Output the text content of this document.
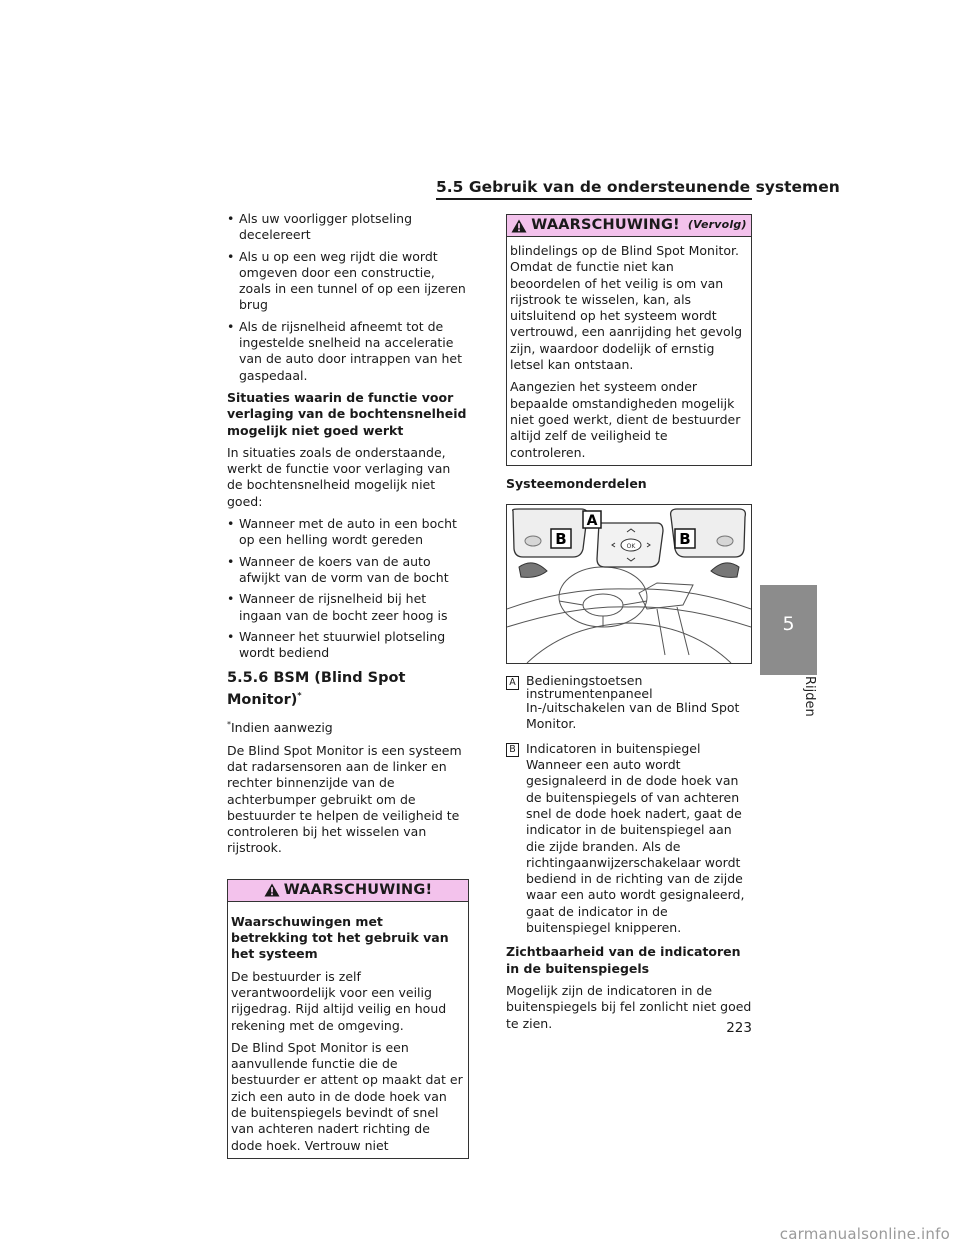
5.5 Gebruik van de ondersteunende systemen
5
Rijden
• Als uw voorligger plotseling decelereert
• Als u op een weg rijdt die wordt omgeven door een constructie, zoals in een tunnel of op een ijzeren brug
• Als de rijsnelheid afneemt tot de ingestelde snelheid na acceleratie van de auto door intrappen van het gaspedaal.

Situaties waarin de functie voor verlaging van de bochtensnelheid mogelijk niet goed werkt

In situaties zoals de onderstaande, werkt de functie voor verlaging van de bochtensnelheid mogelijk niet goed:

• Wanneer met de auto in een bocht op een helling wordt gereden
• Wanneer de koers van de auto afwijkt van de vorm van de bocht
• Wanneer de rijsnelheid bij het ingaan van de bocht zeer hoog is
• Wanneer het stuurwiel plotseling wordt bediend
5.5.6 BSM (Blind Spot Monitor)*

*Indien aanwezig

De Blind Spot Monitor is een systeem dat radarsensoren aan de linker en rechter binnenzijde van de achterbumper gebruikt om de bestuurder te helpen de veiligheid te controleren bij het wisselen van rijstrook.

WAARSCHUWING!

Waarschuwingen met betrekking tot het gebruik van het systeem

De bestuurder is zelf verantwoordelijk voor een veilig rijgedrag. Rijd altijd veilig en houd rekening met de omgeving.

De Blind Spot Monitor is een aanvullende functie die de bestuurder er attent op maakt dat er zich een auto in de dode hoek van de buitenspiegels bevindt of snel van achteren nadert richting de dode hoek. Vertrouw niet

WAARSCHUWING! (Vervolg)

blindelings op de Blind Spot Monitor. Omdat de functie niet kan beoordelen of het veilig is om van rijstrook te wisselen, kan, als uitsluitend op het systeem wordt vertrouwd, een aanrijding het gevolg zijn, waardoor dodelijk of ernstig letsel kan ontstaan.

Aangezien het systeem onder bepaalde omstandigheden mogelijk niet goed werkt, dient de bestuurder altijd zelf de veiligheid te controleren.

Systeemonderdelen

OK
A
B	B
A Bedieningstoetsen instrumentenpaneel
In-/uitschakelen van de Blind Spot Monitor.
B Indicatoren in buitenspiegel
Wanneer een auto wordt gesignaleerd in de dode hoek van de buitenspiegels of van achteren snel de dode hoek nadert, gaat de indicator in de buitenspiegel aan die zijde branden. Als de richtingaanwijzerschakelaar wordt bediend in de richting van de zijde waar een auto wordt gesignaleerd, gaat de indicator in de buitenspiegel knipperen.

Zichtbaarheid van de indicatoren in de buitenspiegels

Mogelijk zijn de indicatoren in de buitenspiegels bij fel zonlicht niet goed te zien.	223
carmanualsonline.info
